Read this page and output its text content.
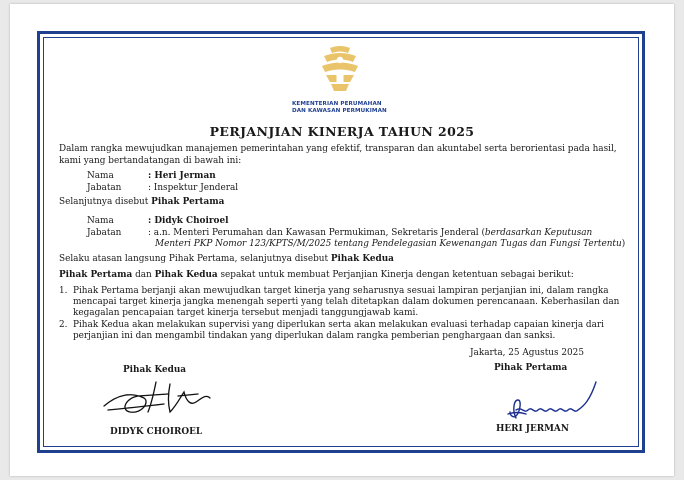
KEMENTERIAN PERUMAHAN
DAN KAWASAN PERMUKIMAN
PERJANJIAN KINERJA TAHUN 2025
Dalam rangka mewujudkan manajemen pemerintahan yang efektif, transparan dan akuntabel serta berorientasi pada hasil,
kami yang bertandatangan di bawah ini:
Nama	: Heri Jerman
Jabatan	: Inspektur Jenderal
Selanjutnya disebut Pihak Pertama
Nama	: Didyk Choiroel
Jabatan	: a.n. Menteri Perumahan dan Kawasan Permukiman, Sekretaris Jenderal (berdasarkan Keputusan
Menteri PKP Nomor 123/KPTS/M/2025 tentang Pendelegasian Kewenangan Tugas dan Fungsi Tertentu)
Selaku atasan langsung Pihak Pertama, selanjutnya disebut Pihak Kedua
Pihak Pertama dan Pihak Kedua sepakat untuk membuat Perjanjian Kinerja dengan ketentuan sebagai berikut:
1. Pihak Pertama berjanji akan mewujudkan target kinerja yang seharusnya sesuai lampiran perjanjian ini, dalam rangka
mencapai target kinerja jangka menengah seperti yang telah ditetapkan dalam dokumen perencanaan. Keberhasilan dan
kegagalan pencapaian target kinerja tersebut menjadi tanggungjawab kami.
2. Pihak Kedua akan melakukan supervisi yang diperlukan serta akan melakukan evaluasi terhadap capaian kinerja dari
perjanjian ini dan mengambil tindakan yang diperlukan dalam rangka pemberian penghargaan dan sanksi.
Jakarta, 25 Agustus 2025
Pihak Kedua	Pihak Pertama
DIDYK CHOIROEL	HERI JERMAN
